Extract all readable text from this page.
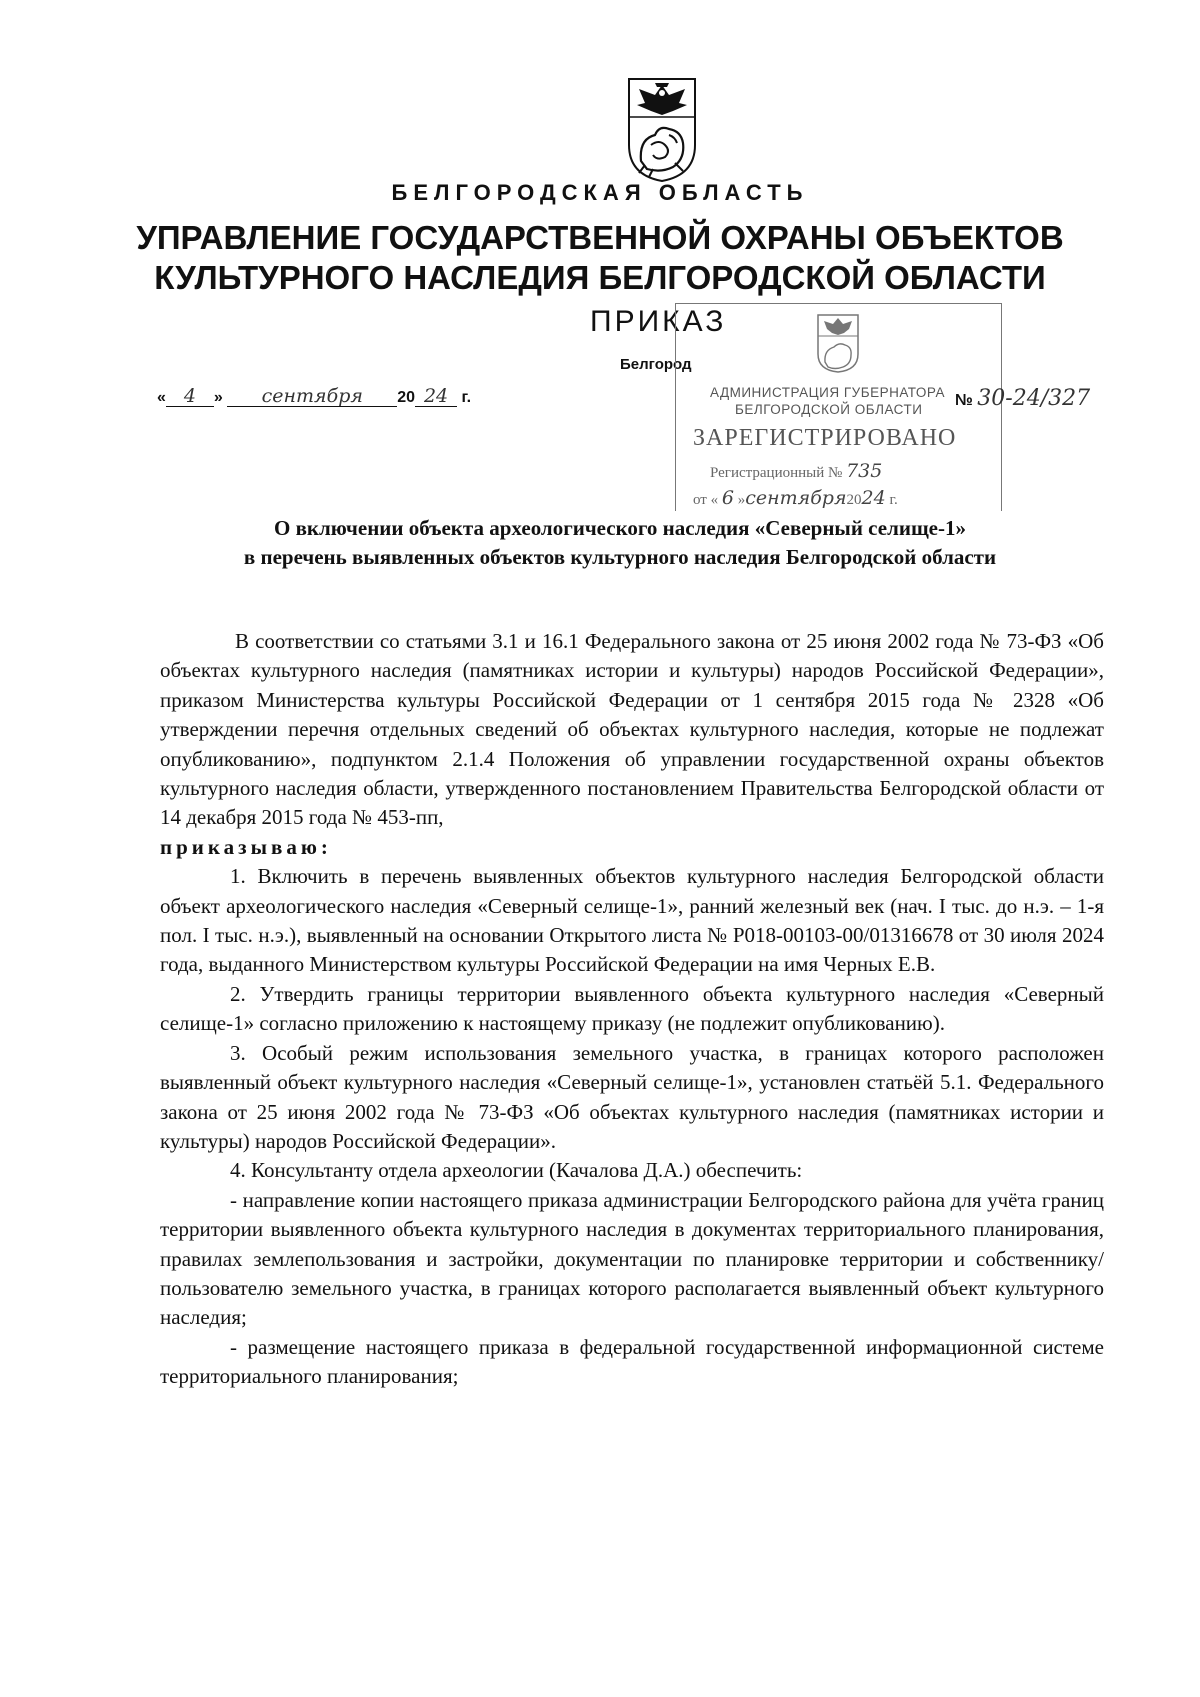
БЕЛГОРОДСКАЯ ОБЛАСТЬ
УПРАВЛЕНИЕ ГОСУДАРСТВЕННОЙ ОХРАНЫ ОБЪЕКТОВ
КУЛЬТУРНОГО НАСЛЕДИЯ БЕЛГОРОДСКОЙ ОБЛАСТИ
ПРИКАЗ
Белгород
« 4 » сентября 20 24 г.	АДМИНИСТРАЦИЯ ГУБЕРНАТОРА
БЕЛГОРОДСКОЙ ОБЛАСТИ
ЗАРЕГИСТРИРОВАНО
Регистрационный № 735
от « 6 »сентября2024 г.
№ 30-24/327
О включении объекта археологического наследия «Северный селище-1»
в перечень выявленных объектов культурного наследия Белгородской области

В соответствии со статьями 3.1 и 16.1 Федерального закона от 25 июня 2002 года № 73-ФЗ «Об объектах культурного наследия (памятниках истории и культуры) народов Российской Федерации», приказом Министерства культуры Российской Федерации от 1 сентября 2015 года № 2328 «Об утверждении перечня отдельных сведений об объектах культурного наследия, которые не подлежат опубликованию», подпунктом 2.1.4 Положения об управлении государственной охраны объектов культурного наследия области, утвержденного постановлением Правительства Белгородской области от 14 декабря 2015 года № 453-пп,

приказываю:

1. Включить в перечень выявленных объектов культурного наследия Белгородской области объект археологического наследия «Северный селище-1», ранний железный век (нач. I тыс. до н.э. – 1-я пол. I тыс. н.э.), выявленный на основании Открытого листа № Р018-00103-00/01316678 от 30 июля 2024 года, выданного Министерством культуры Российской Федерации на имя Черных Е.В.

2. Утвердить границы территории выявленного объекта культурного наследия «Северный селище-1» согласно приложению к настоящему приказу (не подлежит опубликованию).

3. Особый режим использования земельного участка, в границах которого расположен выявленный объект культурного наследия «Северный селище-1», установлен статьёй 5.1. Федерального закона от 25 июня 2002 года № 73-ФЗ «Об объектах культурного наследия (памятниках истории и культуры) народов Российской Федерации».

4. Консультанту отдела археологии (Качалова Д.А.) обеспечить:

- направление копии настоящего приказа администрации Белгородского района для учёта границ территории выявленного объекта культурного наследия в документах территориального планирования, правилах землепользования и застройки, документации по планировке территории и собственнику/ пользователю земельного участка, в границах которого располагается выявленный объект культурного наследия;

- размещение настоящего приказа в федеральной государственной информационной системе территориального планирования;
